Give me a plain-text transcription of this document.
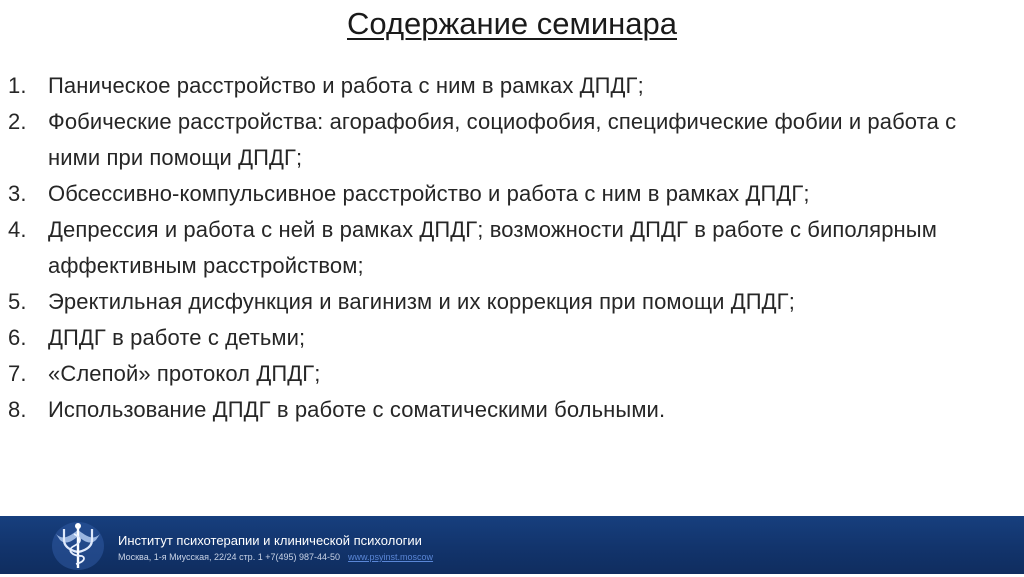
Содержание семинара
1. Паническое расстройство и работа с ним в рамках ДПДГ;
2. Фобические расстройства: агорафобия, социофобия, специфические фобии и работа с ними при помощи ДПДГ;
3. Обсессивно-компульсивное расстройство и работа с ним в рамках ДПДГ;
4. Депрессия и работа с ней в рамках ДПДГ; возможности ДПДГ в работе с биполярным аффективным расстройством;
5. Эректильная дисфункция и вагинизм и их коррекция при помощи ДПДГ;
6. ДПДГ в работе с детьми;
7. «Слепой» протокол ДПДГ;
8. Использование ДПДГ в работе с соматическими больными.
Институт психотерапии и клинической психологии
Москва, 1-я Миусская, 22/24 стр. 1 +7(495) 987-44-50 www.psyinst.moscow
